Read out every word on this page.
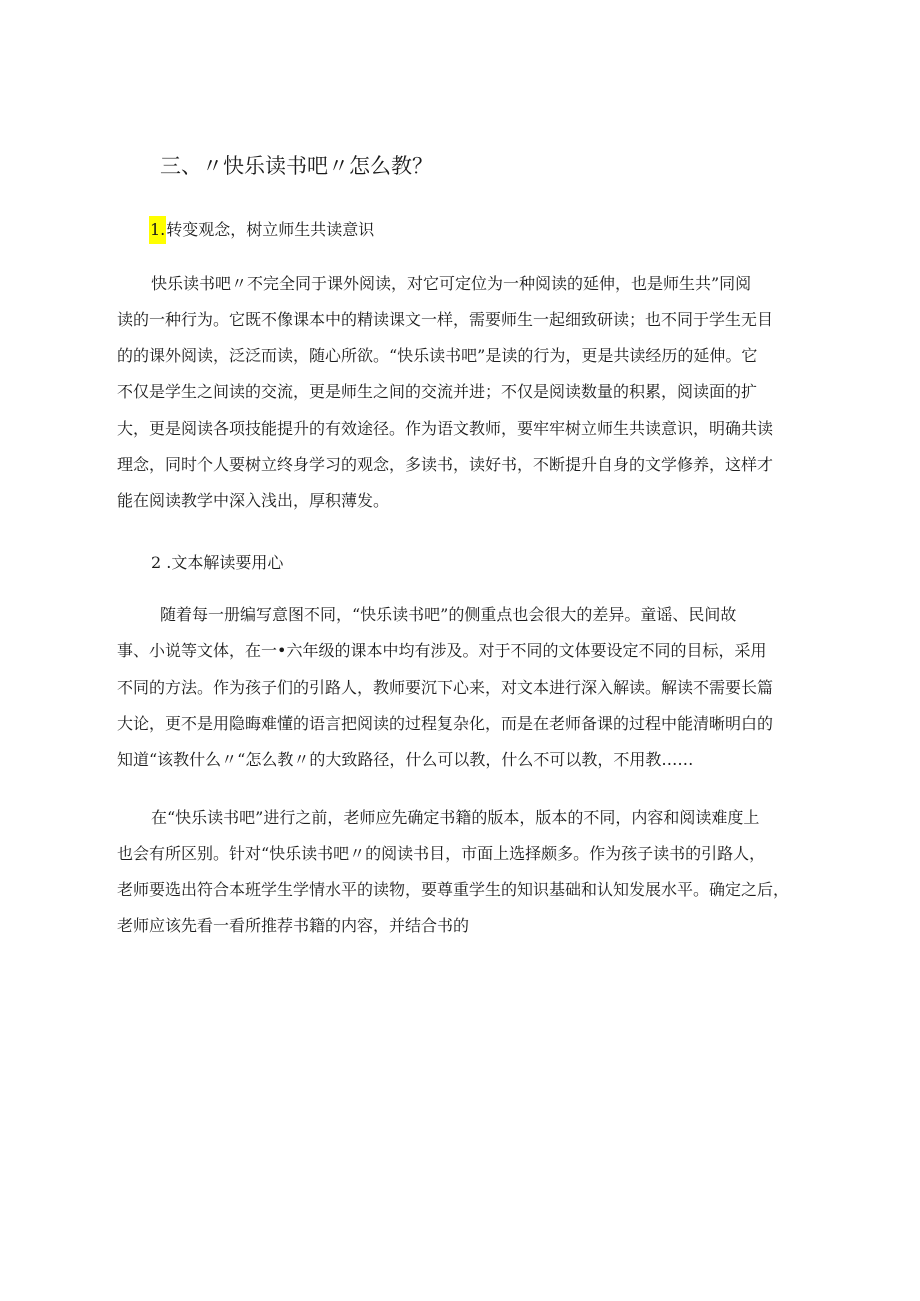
三、〃快乐读书吧〃怎么教？
1.转变观念，树立师生共读意识
快乐读书吧〃不完全同于课外阅读，对它可定位为一种阅读的延伸，也是师生共”同阅
读的一种行为。它既不像课本中的精读课文一样，需要师生一起细致研读；也不同于学生无目
的的课外阅读，泛泛而读，随心所欲。“快乐读书吧”是读的行为，更是共读经历的延伸。它
不仅是学生之间读的交流，更是师生之间的交流并进；不仅是阅读数量的积累，阅读面的扩
大，更是阅读各项技能提升的有效途径。作为语文教师，要牢牢树立师生共读意识，明确共读
理念，同时个人要树立终身学习的观念，多读书，读好书，不断提升自身的文学修养，这样才
能在阅读教学中深入浅出，厚积薄发。
2 .文本解读要用心
随着每一册编写意图不同，“快乐读书吧”的侧重点也会很大的差异。童谣、民间故
事、小说等文体，在一•六年级的课本中均有涉及。对于不同的文体要设定不同的目标，采用
不同的方法。作为孩子们的引路人，教师要沉下心来，对文本进行深入解读。解读不需要长篇
大论，更不是用隐晦难懂的语言把阅读的过程复杂化，而是在老师备课的过程中能清晰明白的
知道“该教什么〃“怎么教〃的大致路径，什么可以教，什么不可以教，不用教……
在“快乐读书吧”进行之前，老师应先确定书籍的版本，版本的不同，内容和阅读难度上
也会有所区别。针对“快乐读书吧〃的阅读书目，市面上选择颇多。作为孩子读书的引路人，
老师要选出符合本班学生学情水平的读物，要尊重学生的知识基础和认知发展水平。确定之后，
老师应该先看一看所推荐书籍的内容，并结合书的
